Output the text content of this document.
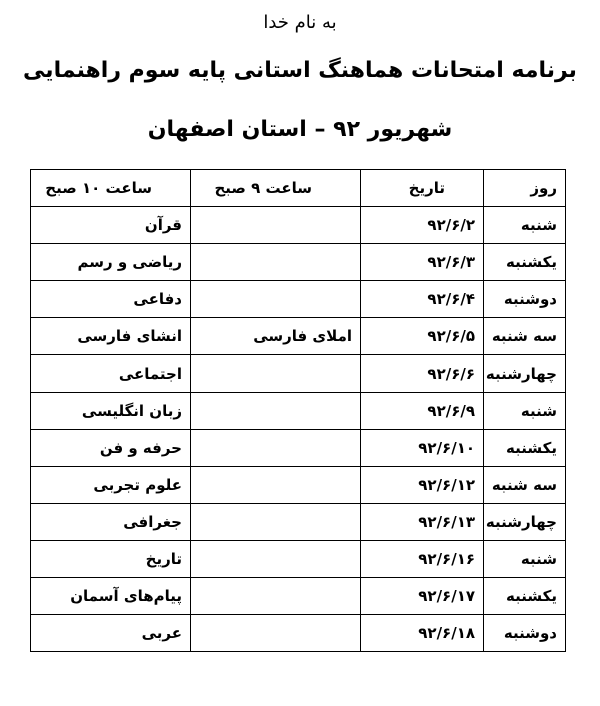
به نام خدا
برنامه امتحانات هماهنگ استانی پایه سوم راهنمایی
شهریور ۹۲ – استان اصفهان
روز	تاریخ	ساعت ۹ صبح	ساعت ۱۰ صبح
شنبه	۹۲/۶/۲		قرآن
یکشنبه	۹۲/۶/۳		ریاضی و رسم
دوشنبه	۹۲/۶/۴		دفاعی
سه شنبه	۹۲/۶/۵	املای فارسی	انشای فارسی
چهارشنبه	۹۲/۶/۶		اجتماعی
شنبه	۹۲/۶/۹		زبان انگلیسی
یکشنبه	۹۲/۶/۱۰		حرفه و فن
سه شنبه	۹۲/۶/۱۲		علوم تجربی
چهارشنبه	۹۲/۶/۱۳		جغرافی
شنبه	۹۲/۶/۱۶		تاریخ
یکشنبه	۹۲/۶/۱۷		پیام‌های آسمان
دوشنبه	۹۲/۶/۱۸		عربی
